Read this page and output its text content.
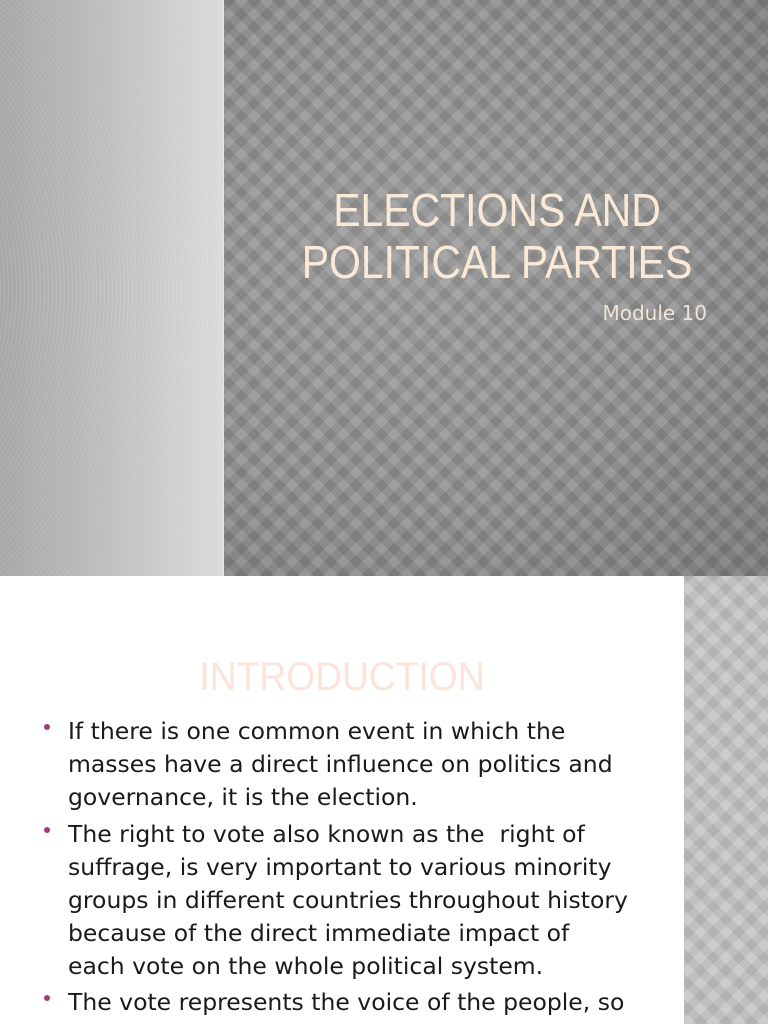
ELECTIONS AND
POLITICAL PARTIES
Module 10
INTRODUCTION
If there is one common event in which the
masses have a direct influence on politics and
governance, it is the election.
The right to vote also known as the  right of
suffrage, is very important to various minority
groups in different countries throughout history
because of the direct immediate impact of
each vote on the whole political system.
The vote represents the voice of the people, so
